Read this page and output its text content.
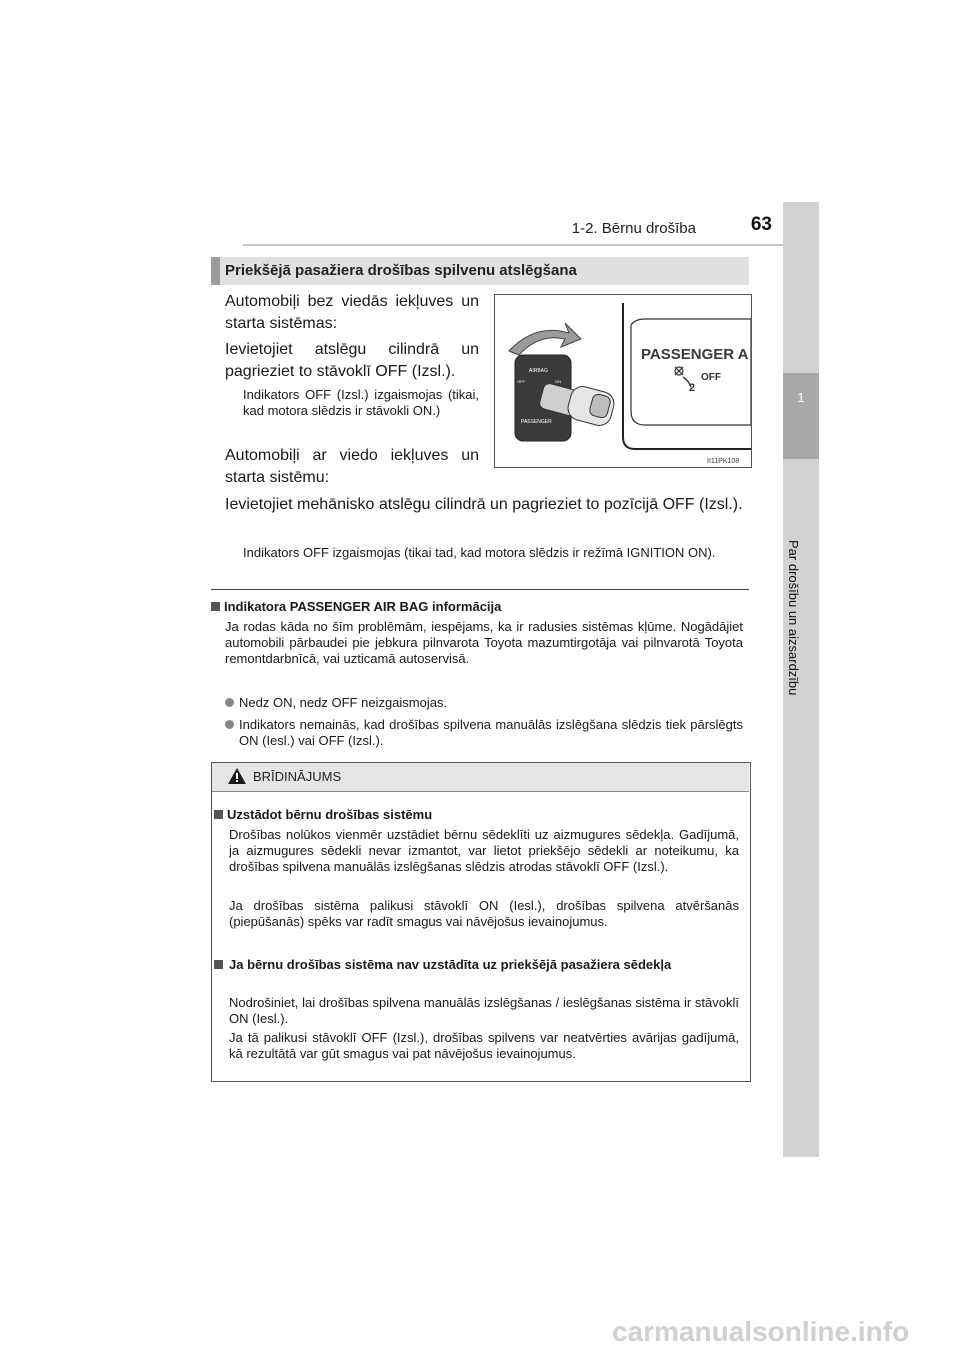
1-2. Bērnu drošība	63
1
Par drošību un aizsardzību
Priekšējā pasažiera drošības spilvenu atslēgšana
Automobiļi bez viedās iekļuves un starta sistēmas:
Ievietojiet atslēgu cilindrā un pagrieziet to stāvoklī OFF (Izsl.).
Indikators OFF (Izsl.) izgaismojas (tikai, kad motora slēdzis ir stāvokli ON.)
Automobiļi ar viedo iekļuves un starta sistēmu:
Ievietojiet mehānisko atslēgu cilindrā un pagrieziet to pozīcijā OFF (Izsl.).
Indikators OFF izgaismojas (tikai tad, kad motora slēdzis ir režīmā IGNITION ON).
AIRBAG
OFF	ON
PASSENGER
PASSENGER A
2
OFF
II11PK108
Indikatora PASSENGER AIR BAG informācija
Ja rodas kāda no šīm problēmām, iespējams, ka ir radusies sistēmas kļūme. Nogādājiet automobili pārbaudei pie jebkura pilnvarota Toyota mazumtirgotāja vai pilnvarotā Toyota remontdarbnīcā, vai uzticamā autoservisā.
Nedz ON, nedz OFF neizgaismojas.
Indikators nemainās, kad drošības spilvena manuālās izslēgšana slēdzis tiek pārslēgts ON (Iesl.) vai OFF (Izsl.).
BRĪDINĀJUMS
Uzstādot bērnu drošības sistēmu
Drošības nolūkos vienmēr uzstādiet bērnu sēdeklīti uz aizmugures sēdekļa. Gadījumā, ja aizmugures sēdekli nevar izmantot, var lietot priekšējo sēdekli ar noteikumu, ka drošības spilvena manuālās izslēgšanas slēdzis atrodas stāvoklī OFF (Izsl.).
Ja drošības sistēma palikusi stāvoklī ON (Iesl.), drošības spilvena atvēršanās (piepūšanās) spēks var radīt smagus vai nāvējošus ievainojumus.
Ja bērnu drošības sistēma nav uzstādīta uz priekšējā pasažiera sēdekļa
Nodrošiniet, lai drošības spilvena manuālās izslēgšanas / ieslēgšanas sistēma ir stāvoklī ON (Iesl.).
Ja tā palikusi stāvoklī OFF (Izsl.), drošības spilvens var neatvērties avārijas gadījumā, kā rezultātā var gūt smagus vai pat nāvējošus ievainojumus.
carmanualsonline.info
